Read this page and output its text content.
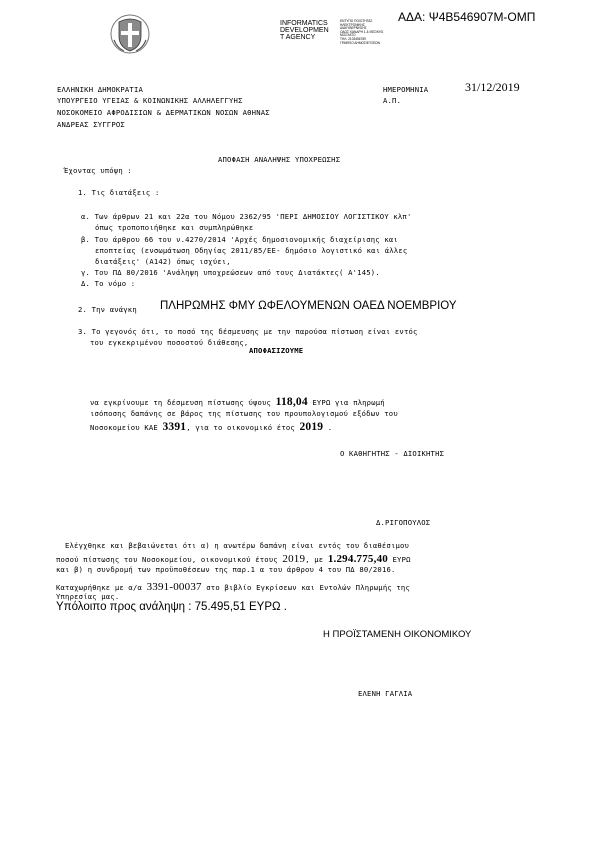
ΑΔΑ: Ψ4Β546907Μ-ΟΜΠ
INFORMATICS
DEVELOPMEN
T AGENCY
ΕΝΤΥΠΟ ΠΟΙΟΤΗΤΑΣ
ΗΛΕΚΤΡΟΝΙΚΗΣ
ΔΙΑΚΥΒΕΡΝΗΣΗΣ
ΟΔΟΣ ΧΑΝΔΡΗ 1 & ΘΕΣ/ΚΗΣ
ΜΟΣΧΑΤΟ
ΤΗΛ: 2103456789
ΓΡΑΦΕΙΟ ΔΗΜΟΣΙΕΥΣΕΩΝ
ΕΛΛΗΝΙΚΗ ΔΗΜΟΚΡΑΤΙΑ
ΥΠΟΥΡΓΕΙΟ ΥΓΕΙΑΣ & ΚΟΙΝΩΝΙΚΗΣ ΑΛΛΗΛΕΓΓΥΗΣ
ΝΟΣΟΚΟΜΕΙΟ ΑΦΡΟΔΙΣΙΩΝ & ΔΕΡΜΑΤΙΚΩΝ ΝΟΣΩΝ ΑΘΗΝΑΣ
ΑΝΔΡΕΑΣ ΣΥΓΓΡΟΣ
ΗΜΕΡΟΜΗΝΙΑ	31/12/2019
Α.Π.
ΑΠΟΦΑΣΗ ΑΝΑΛΗΨΗΣ ΥΠΟΧΡΕΩΣΗΣ
Έχοντας υπόψη :
1. Τις διατάξεις :
α. Των άρθρων 21 και 22α του Νόμου 2362/95 'ΠΕΡΙ ΔΗΜΟΣΙΟΥ ΛΟΓΙΣΤΙΚΟΥ κλπ'
όπως τροποποιήθηκε και συμπληρώθηκε
β. Του άρθρου 66 του ν.4270/2014 'Αρχές δημοσιονομικής διαχείρισης και
εποπτείας (ενσωμάτωση Οδηγίας 2011/85/ΕΕ- δημόσιο λογιστικό και άλλες
διατάξεις' (Α142) όπως ισχύει,
γ. Του ΠΔ 80/2016 'Ανάληψη υποχρεώσεων από τους Διατάκτες( Α'145).
Δ. Το νόμο :
2. Την ανάγκη ΠΛΗΡΩΜΗΣ ΦΜΥ ΩΦΕΛΟΥΜΕΝΩΝ ΟΑΕΔ ΝΟΕΜΒΡΙΟΥ
3. Το γεγονός ότι, το ποσό της δέσμευσης με την παρούσα πίστωση είναι εντός
του εγκεκριμένου ποσοστού διάθεσης,
ΑΠΟΦΑΣΙΖΟΥΜΕ
να εγκρίνουμε τη δέσμευση πίστωσης ύψους 118,04 ΕΥΡΩ για πληρωμή
ισόποσης δαπάνης σε βάρος της πίστωσης του προυπολογισμού εξόδων του
Νοσοκομείου ΚΑΕ 3391, για το οικονομικό έτος 2019 .
Ο ΚΑΘΗΓΗΤΗΣ - ΔΙΟΙΚΗΤΗΣ
Δ.ΡΙΓΟΠΟΥΛΟΣ
Ελέγχθηκε και βεβαιώνεται ότι α) η ανωτέρω δαπάνη είναι εντός του διαθέσιμου
ποσού πίστωσης του Νοσοκομείου, οικονομικού έτους 2019, με 1.294.775,40 ΕΥΡΩ
και β) η συνδρομή των προϋποθέσεων της παρ.1 α του άρθρου 4 του ΠΔ 80/2016.
Καταχωρήθηκε με α/α 3391-00037 στο βιβλίο Εγκρίσεων και Εντολών Πληρωμής της
Υπηρεσίας μας.
Υπόλοιπο προς ανάληψη : 75.495,51 ΕΥΡΩ .
Η ΠΡΟΪΣΤΑΜΕΝΗ ΟΙΚΟΝΟΜΙΚΟΥ
ΕΛΕΝΗ ΓΑΓΛΙΑ
